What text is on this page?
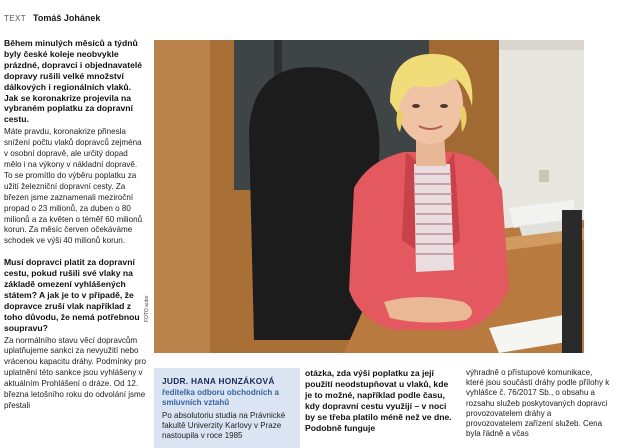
TEXT Tomáš Johánek

Během minulých měsíců a týdnů byly české koleje neobvykle prázdné, dopravci i objednavatelé dopravy rušili velké množství dálkových i regionálních vlaků. Jak se koronakrize projevila na vybraném poplatku za dopravní cestu.

Máte pravdu, koronakrize přinesla snížení počtu vlaků dopravců zejména v osobní dopravě, ale určitý dopad mělo i na výkony v nákladní dopravě. To se promítlo do výběru poplatku za užití železniční dopravní cesty. Za březen jsme zaznamenali meziroční propad o 23 milionů, za duben o 80 milionů a za květen o téměř 60 milionů korun. Za měsíc červen očekáváme schodek ve výši 40 milionů korun.

Musí dopravci platit za dopravní cestu, pokud rušili své vlaky na základě omezení vyhlášených státem? A jak je to v případě, že dopravce zruší vlak například z toho důvodu, že nemá potřebnou soupravu?

Za normálního stavu věcí dopravcům uplatňujeme sankci za nevyužití nebo vrácenou kapacitu dráhy. Podmínky pro uplatnění této sankce jsou vyhlášeny v aktuálním Prohlášení o dráze. Od 12. března letošního roku do odvolání jsme přestali

FOTO autor
JUDR. HANA HONZÁKOVÁ
ředitelka odboru obchodních a smluvních vztahů
Po absolutoriu studia na Právnické fakultě Univerzity Karlovy v Praze nastoupila v roce 1985
otázka, zda výši poplatku za její použití neodstupňovat u vlaků, kde je to možné, například podle času, kdy dopravní cestu využijí – v noci by se třeba platilo méně než ve dne. Podobně funguje
výhradně o přístupové komunikace, které jsou součástí dráhy podle přílohy k vyhlášce č. 76/2017 Sb., o obsahu a rozsahu služeb poskytovaných dopravci provozovatelem dráhy a provozovatelem zařízení služeb. Cena byla řádně a včas
